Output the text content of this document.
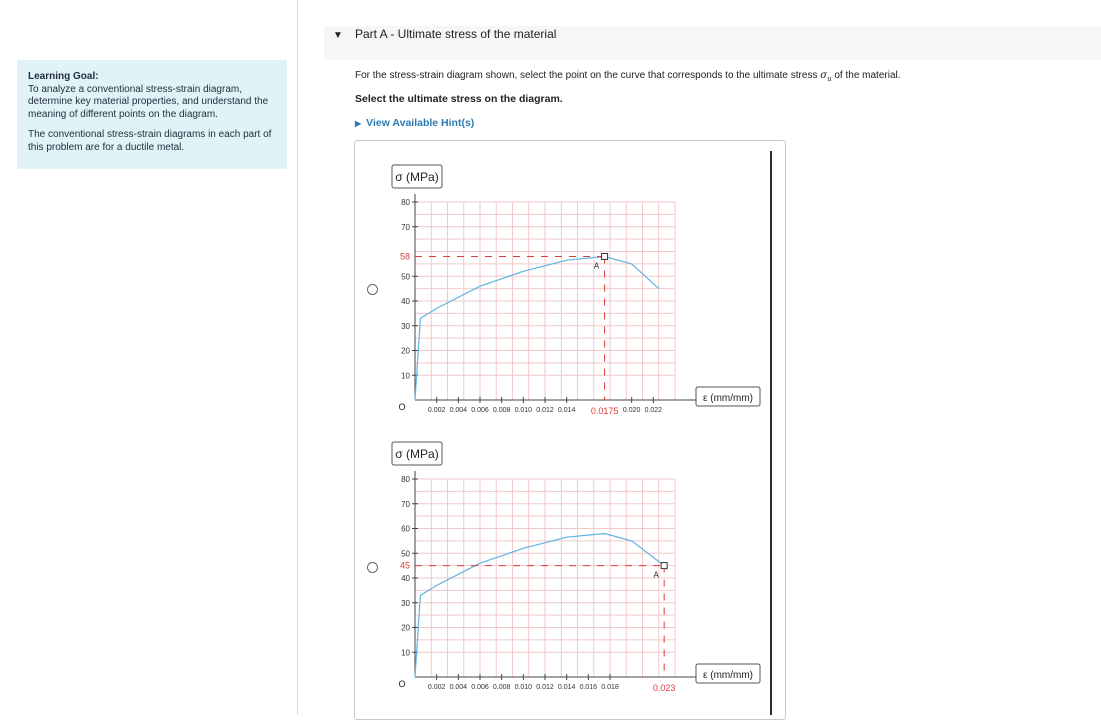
Learning Goal:
To analyze a conventional stress-strain diagram, determine key material properties, and understand the meaning of different points on the diagram.
The conventional stress-strain diagrams in each part of this problem are for a ductile metal.
▼ Part A - Ultimate stress of the material
For the stress-strain diagram shown, select the point on the curve that corresponds to the ultimate stress $\sigma_u$ of the material.
Select the ultimate stress on the diagram.
▶ View Available Hint(s)
σ (MPa)
ε (mm/mm)
O
10
20
30
40
50
70
80
0.002 0.004 0.006 0.008 0.010 0.012 0.014	0.020 0.022
A
58
0.0175
σ (MPa)
ε (mm/mm)
O
10
20
30
40
50
60
70
80
0.002 0.004 0.006 0.008 0.010 0.012 0.014 0.016 0.018
A
45
0.023
